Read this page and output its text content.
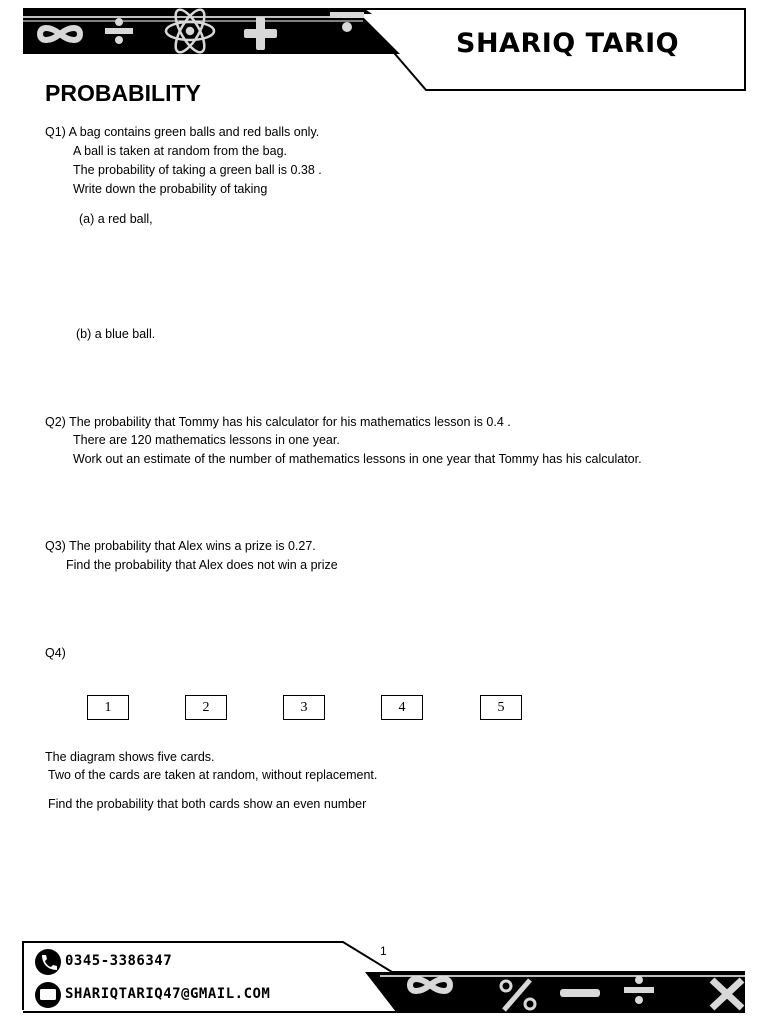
SHARIQ TARIQ
PROBABILITY
Q1) A bag contains green balls and red balls only.
A ball is taken at random from the bag.
The probability of taking a green ball is 0.38 .
Write down the probability of taking
(a) a red ball,
(b) a blue ball.
Q2) The probability that Tommy has his calculator for his mathematics lesson is 0.4 .
There are 120 mathematics lessons in one year.
Work out an estimate of the number of mathematics lessons in one year that Tommy has his calculator.
Q3) The probability that Alex wins a prize is 0.27.
Find the probability that Alex does not win a prize
Q4)
1	2	3	4	5
The diagram shows five cards.
Two of the cards are taken at random, without replacement.
Find the probability that both cards show an even number
1
0345-3386347
SHARIQTARIQ47@GMAIL.COM
